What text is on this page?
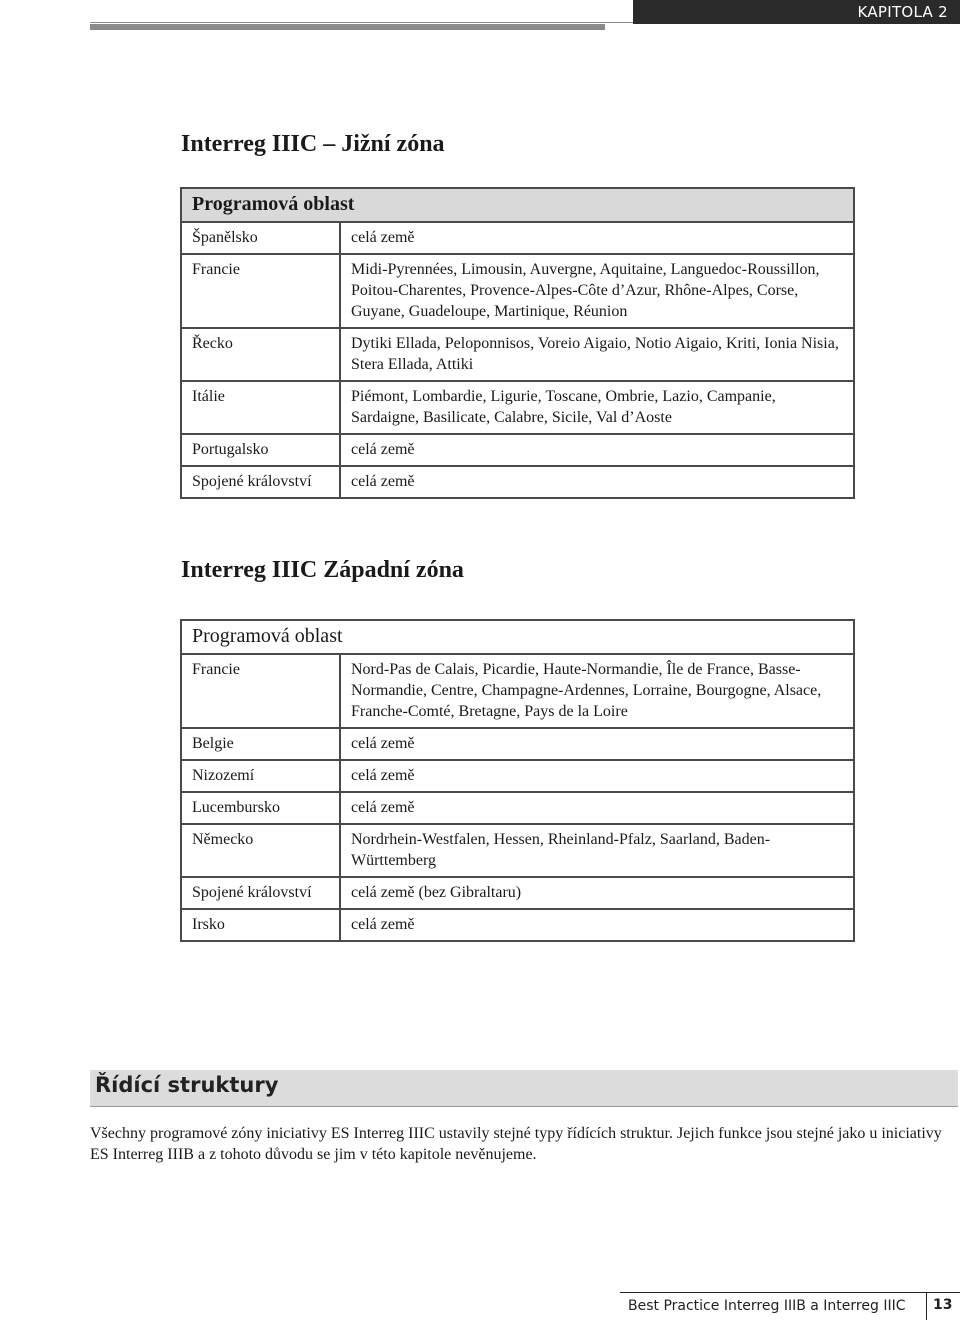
KAPITOLA 2
Interreg IIIC – Jižní zóna
Programová oblast	
Španělsko	celá země
Francie	Midi-Pyrennées, Limousin, Auvergne, Aquitaine, Languedoc-Roussillon, Poitou-Charentes, Provence-Alpes-Côte d’Azur, Rhône-Alpes, Corse, Guyane, Guadeloupe, Martinique, Réunion
Řecko	Dytiki Ellada, Peloponnisos, Voreio Aigaio, Notio Aigaio, Kriti, Ionia Nisia, Stera Ellada, Attiki
Itálie	Piémont, Lombardie, Ligurie, Toscane, Ombrie, Lazio, Campanie, Sardaigne, Basilicate, Calabre, Sicile, Val d’Aoste
Portugalsko	celá země
Spojené království	celá země
Interreg IIIC Západní zóna
Programová oblast	
Francie	Nord-Pas de Calais, Picardie, Haute-Normandie, Île de France, Basse-Normandie, Centre, Champagne-Ardennes, Lorraine, Bourgogne, Alsace, Franche-Comté, Bretagne, Pays de la Loire
Belgie	celá země
Nizozemí	celá země
Lucembursko	celá země
Německo	Nordrhein-Westfalen, Hessen, Rheinland-Pfalz, Saarland, Baden-Württemberg
Spojené království	celá země (bez Gibraltaru)
Irsko	celá země
Řídící struktury

Všechny programové zóny iniciativy ES Interreg IIIC ustavily stejné typy řídících struktur. Jejich funkce jsou stejné jako u iniciativy ES Interreg IIIB a z tohoto důvodu se jim v této kapitole nevěnujeme.

Best Practice Interreg IIIB a Interreg IIIC 13
